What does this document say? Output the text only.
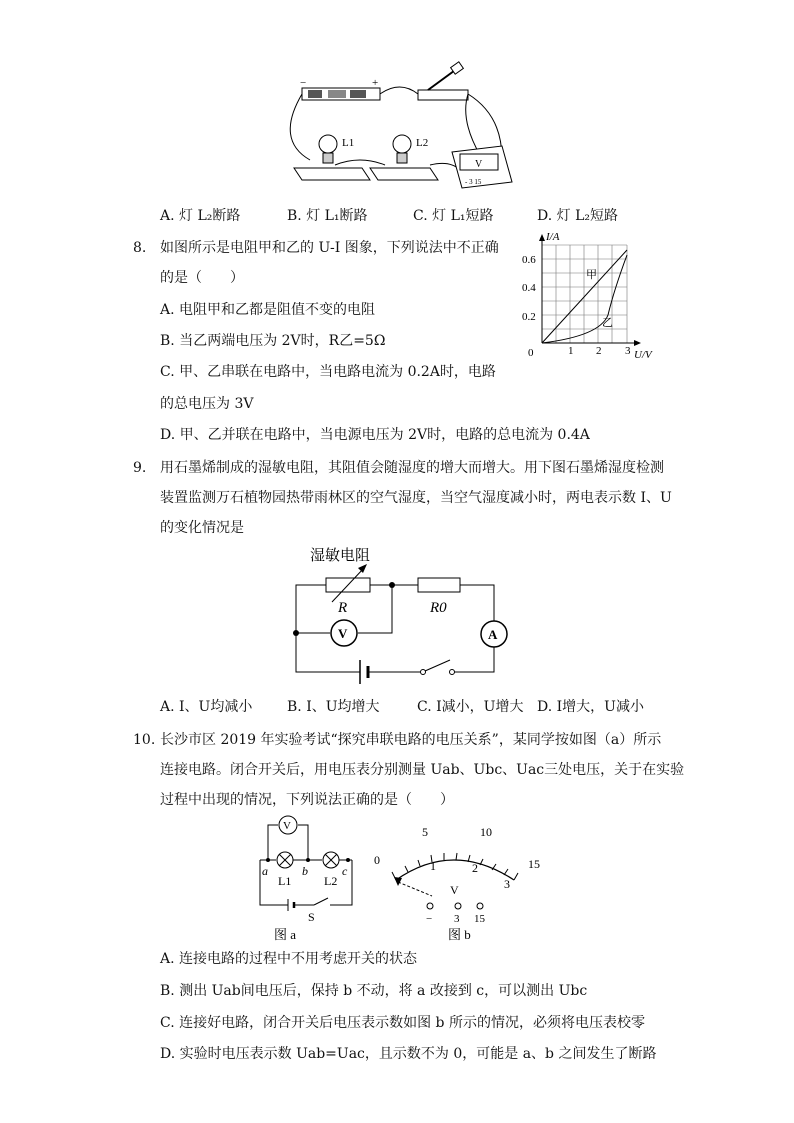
−	+
L1	L2
V
- 3 15
A. 灯 L₂断路	B. 灯 L₁断路	C. 灯 L₁短路	D. 灯 L₂短路
8. 如图所示是电阻甲和乙的 U-I 图象，下列说法中不正确
的是（　　）
A. 电阻甲和乙都是阻值不变的电阻
B. 当乙两端电压为 2V时，R乙=5Ω
C. 甲、乙串联在电路中，当电路电流为 0.2A时，电路
的总电压为 3V
D. 甲、乙并联在电路中，当电源电压为 2V时，电路的总电流为 0.4A
I/A
U/V
0
0.2
0.4
0.6
1 2 3
甲
乙
9. 用石墨烯制成的湿敏电阻，其阻值会随湿度的增大而增大。用下图石墨烯湿度检测
装置监测万石植物园热带雨林区的空气湿度，当空气湿度减小时，两电表示数 I、U
的变化情况是
湿敏电阻
R	R0
V	A
A. I、U均减小 B. I、U均增大	C. I减小，U增大 D. I增大，U减小
10. 长沙市区 2019 年实验考试“探究串联电路的电压关系”，某同学按如图（a）所示
连接电路。闭合开关后，用电压表分别测量 Uab、Ubc、Uac三处电压，关于在实验
过程中出现的情况，下列说法正确的是（　　）
V
a	b	c
L1	L2
S
图 a
0
5	10
15
1	2
3
V
− 3 15
图 b
A. 连接电路的过程中不用考虑开关的状态
B. 测出 Uab间电压后，保持 b 不动，将 a 改接到 c，可以测出 Ubc
C. 连接好电路，闭合开关后电压表示数如图 b 所示的情况，必须将电压表校零
D. 实验时电压表示数 Uab=Uac，且示数不为 0，可能是 a、b 之间发生了断路
